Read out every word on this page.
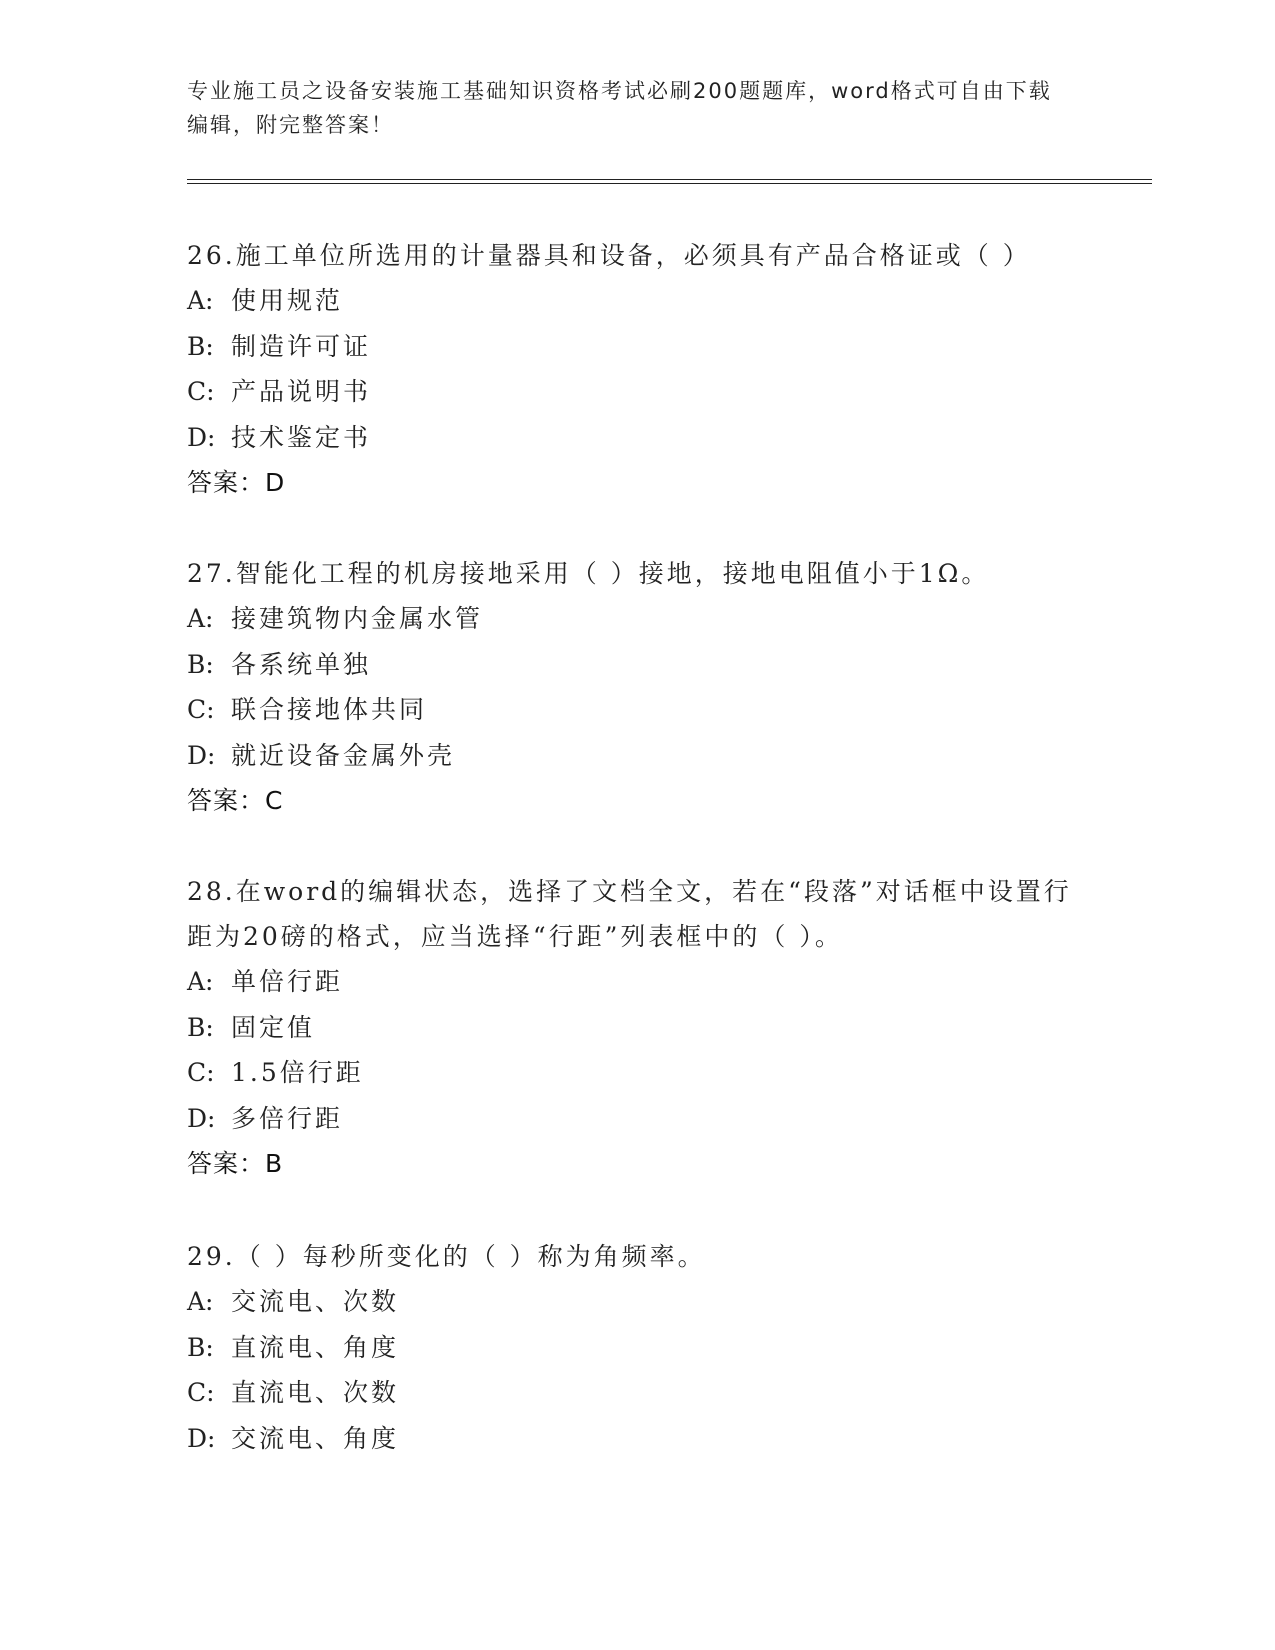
专业施工员之设备安装施工基础知识资格考试必刷200题题库，word格式可自由下载编辑，附完整答案！
26.施工单位所选用的计量器具和设备，必须具有产品合格证或（ ）
A: 使用规范
B: 制造许可证
C: 产品说明书
D: 技术鉴定书
答案：D
27.智能化工程的机房接地采用（ ）接地，接地电阻值小于1Ω。
A: 接建筑物内金属水管
B: 各系统单独
C: 联合接地体共同
D: 就近设备金属外壳
答案：C
28.在word的编辑状态，选择了文档全文，若在“段落”对话框中设置行距为20磅的格式，应当选择“行距”列表框中的（ ）。
A: 单倍行距
B: 固定值
C: 1.5倍行距
D: 多倍行距
答案：B
29.（ ）每秒所变化的（ ）称为角频率。
A: 交流电、次数
B: 直流电、角度
C: 直流电、次数
D: 交流电、角度
